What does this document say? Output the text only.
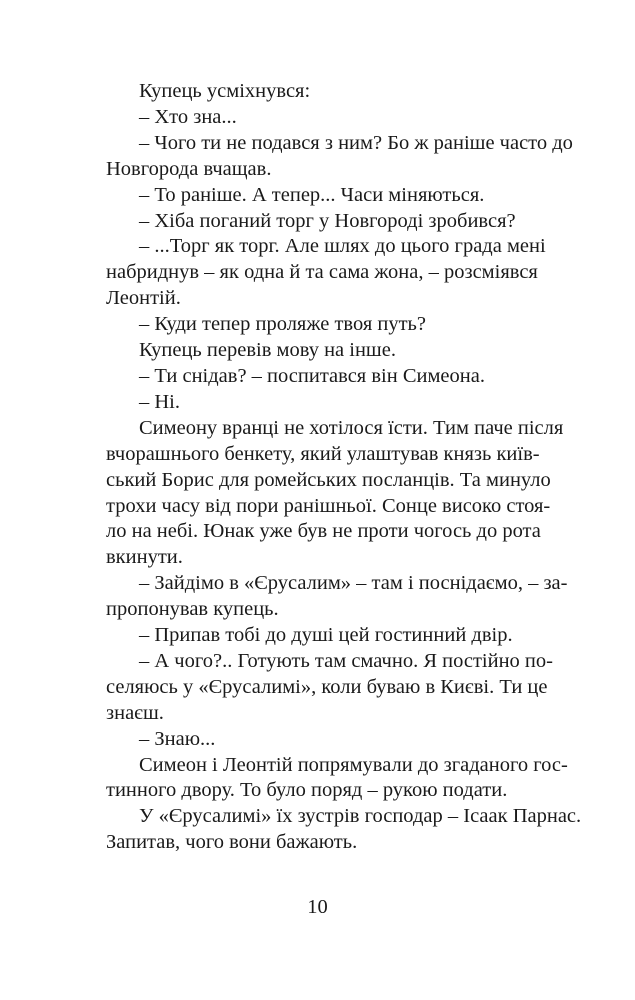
Купець усміхнувся:
– Хто зна...
– Чого ти не подався з ним? Бо ж раніше часто до
Новгорода вчащав.
– То раніше. А тепер... Часи міняються.
– Хіба поганий торг у Новгороді зробився?
– ...Торг як торг. Але шлях до цього града мені
набриднув – як одна й та сама жона, – розсміявся
Леонтій.
– Куди тепер проляже твоя путь?
Купець перевів мову на інше.
– Ти снідав? – поспитався він Симеона.
– Ні.
Симеону вранці не хотілося їсти. Тим паче після
вчорашнього бенкету, який улаштував князь київ-
ський Борис для ромейських посланців. Та минуло
трохи часу від пори ранішньої. Сонце високо стоя-
ло на небі. Юнак уже був не проти чогось до рота
вкинути.
– Зайдімо в «Єрусалим» – там і поснідаємо, – за-
пропонував купець.
– Припав тобі до душі цей гостинний двір.
– А чого?.. Готують там смачно. Я постійно по-
селяюсь у «Єрусалимі», коли буваю в Києві. Ти це
знаєш.
– Знаю...
Симеон і Леонтій попрямували до згаданого гос-
тинного двору. То було поряд – рукою подати.
У «Єрусалимі» їх зустрів господар – Ісаак Парнас.
Запитав, чого вони бажають.
10
